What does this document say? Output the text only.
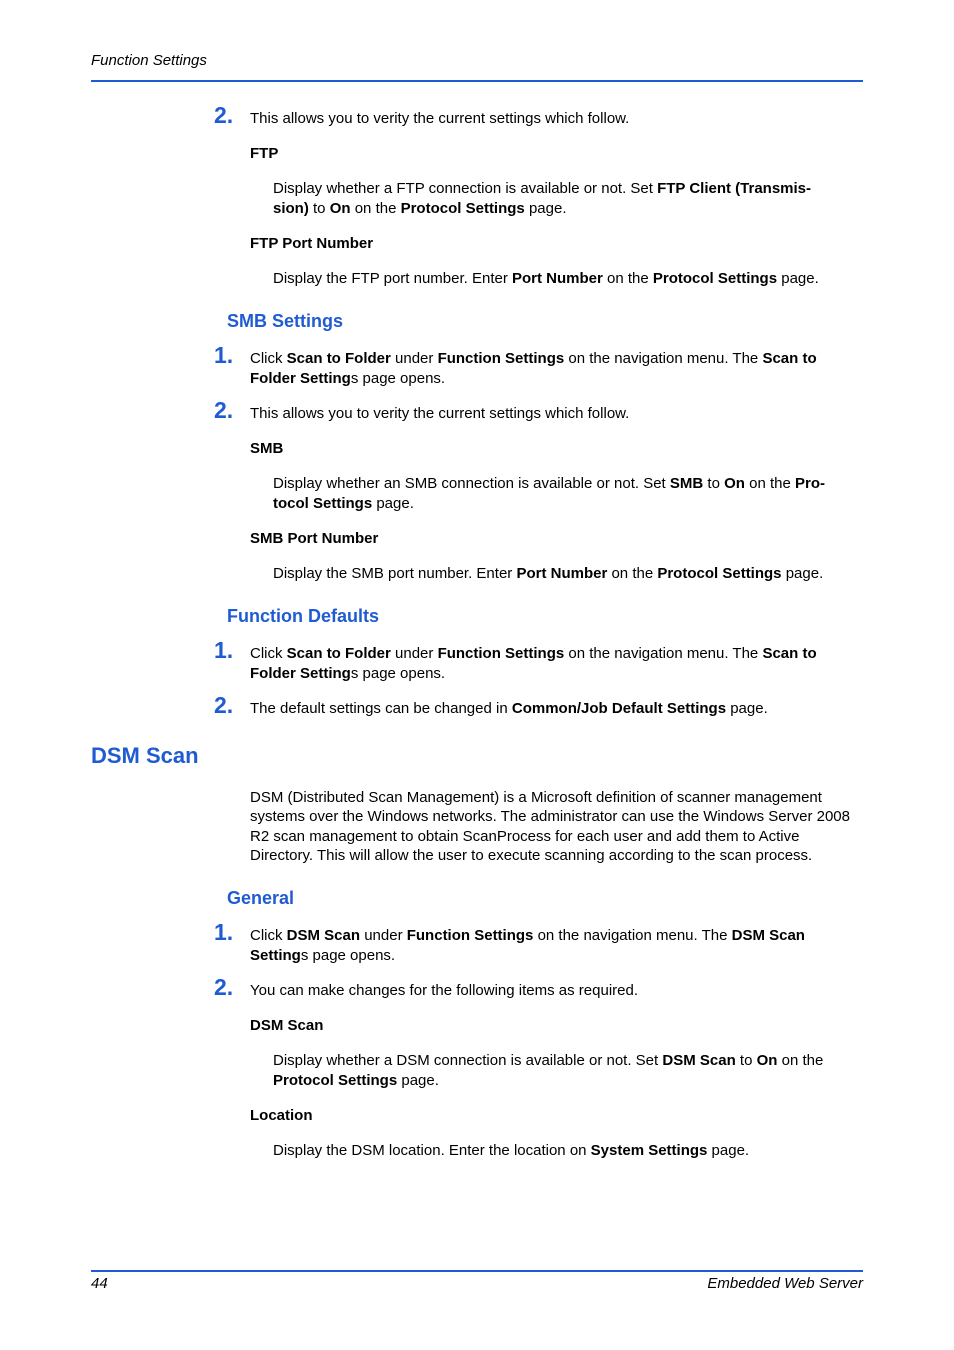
Function Settings
2. This allows you to verity the current settings which follow.
FTP
Display whether a FTP connection is available or not. Set FTP Client (Transmis-
sion) to On on the Protocol Settings page.
FTP Port Number
Display the FTP port number. Enter Port Number on the Protocol Settings page.
SMB Settings
1. Click Scan to Folder under Function Settings on the navigation menu. The Scan to
Folder Settings page opens.
2. This allows you to verity the current settings which follow.
SMB
Display whether an SMB connection is available or not. Set SMB to On on the Pro-
tocol Settings page.
SMB Port Number
Display the SMB port number. Enter Port Number on the Protocol Settings page.
Function Defaults
1. Click Scan to Folder under Function Settings on the navigation menu. The Scan to
Folder Settings page opens.
2. The default settings can be changed in Common/Job Default Settings page.
DSM Scan
DSM (Distributed Scan Management) is a Microsoft definition of scanner management systems over the Windows networks. The administrator can use the Windows Server 2008 R2 scan management to obtain ScanProcess for each user and add them to Active Directory. This will allow the user to execute scanning according to the scan process.
General
1. Click DSM Scan under Function Settings on the navigation menu. The DSM Scan
Settings page opens.
2. You can make changes for the following items as required.
DSM Scan
Display whether a DSM connection is available or not. Set DSM Scan to On on the
Protocol Settings page.
Location
Display the DSM location. Enter the location on System Settings page.
44	Embedded Web Server
